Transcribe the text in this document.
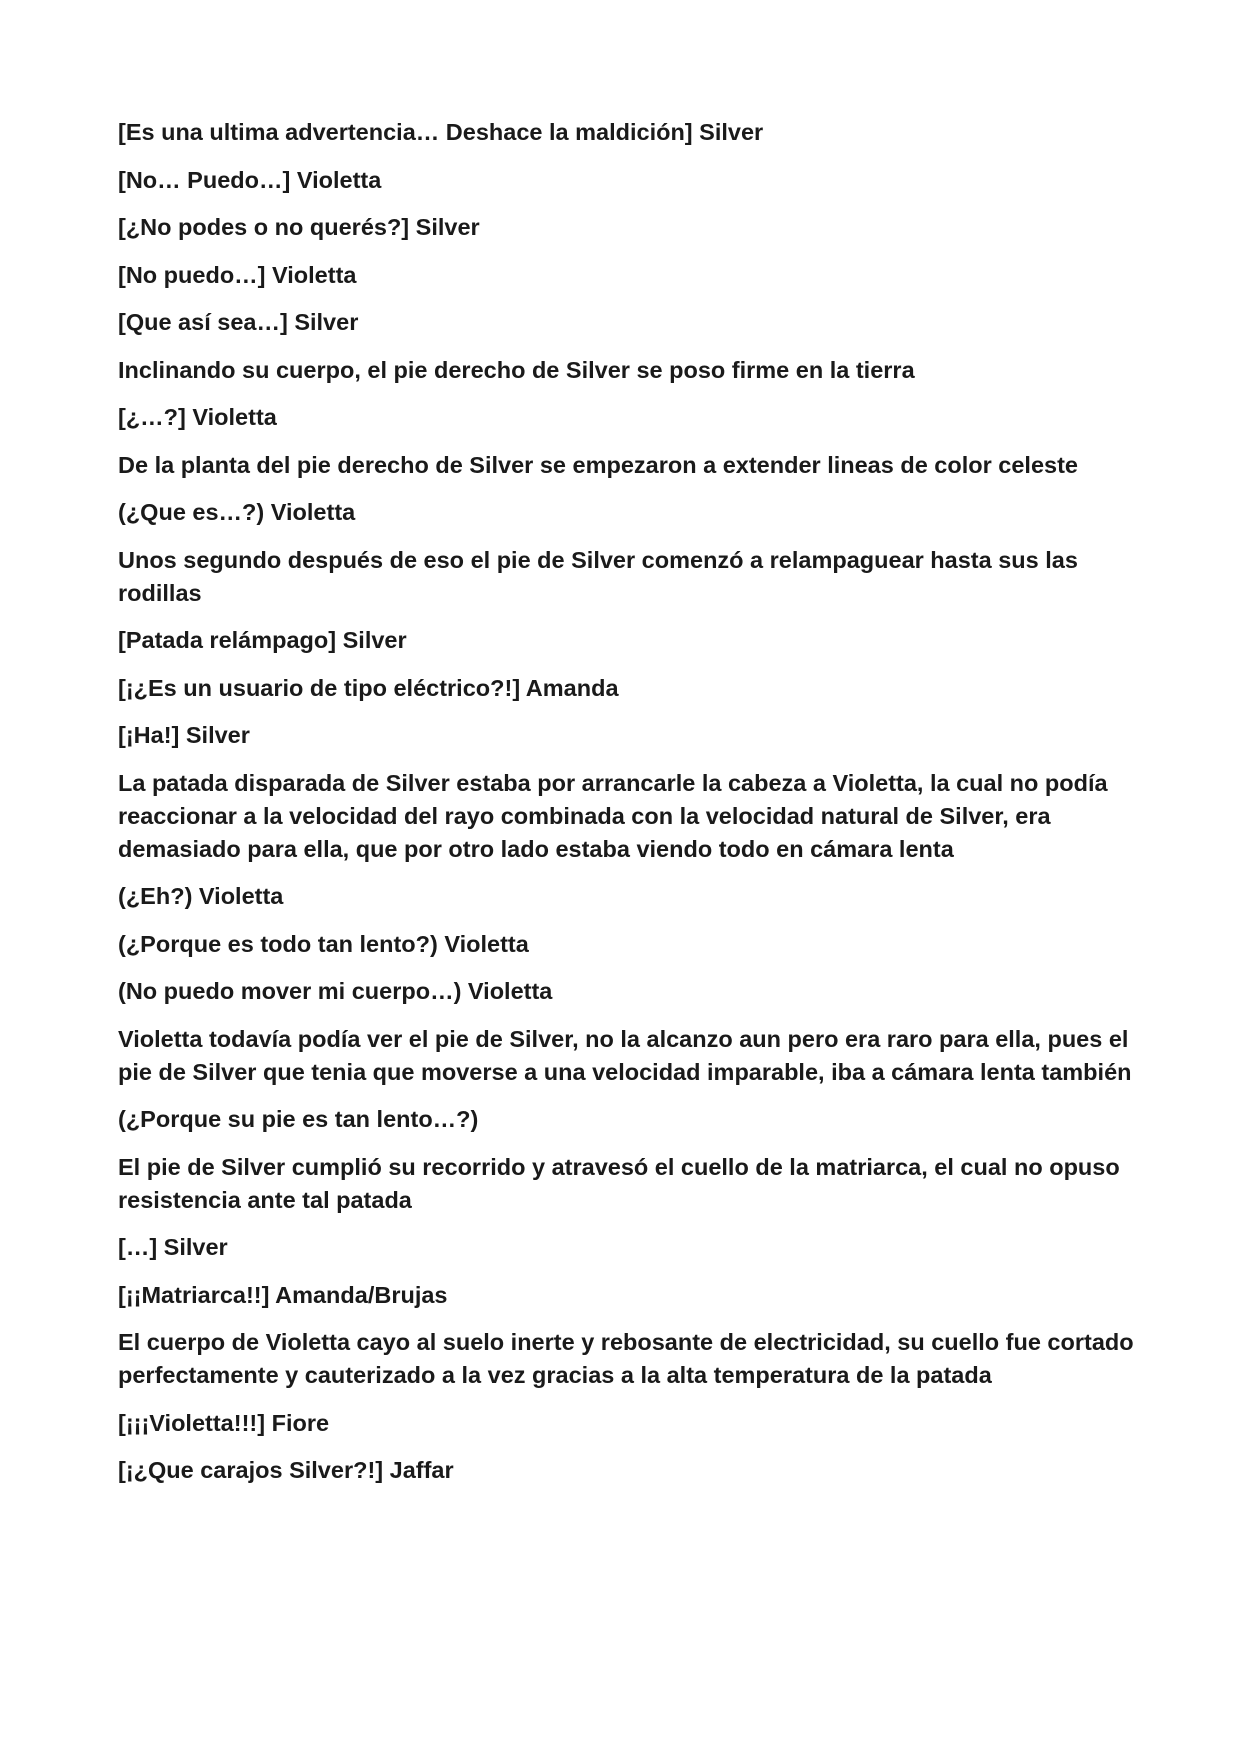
[Es una ultima advertencia… Deshace la maldición] Silver

[No… Puedo…] Violetta

[¿No podes o no querés?] Silver

[No puedo…] Violetta

[Que así sea…] Silver

Inclinando su cuerpo, el pie derecho de Silver se poso firme en la tierra

[¿…?] Violetta

De la planta del pie derecho de Silver se empezaron a extender lineas de color celeste

(¿Que es…?) Violetta

Unos segundo después de eso el pie de Silver comenzó a relampaguear hasta sus las rodillas

[Patada relámpago] Silver

[¡¿Es un usuario de tipo eléctrico?!] Amanda

[¡Ha!] Silver

La patada disparada de Silver estaba por arrancarle la cabeza a Violetta, la cual no podía reaccionar a la velocidad del rayo combinada con la velocidad natural de Silver, era demasiado para ella, que por otro lado estaba viendo todo en cámara lenta

(¿Eh?) Violetta

(¿Porque es todo tan lento?) Violetta

(No puedo mover mi cuerpo…) Violetta

Violetta todavía podía ver el pie de Silver, no la alcanzo aun pero era raro para ella, pues el pie de Silver que tenia que moverse a una velocidad imparable, iba a cámara lenta también

(¿Porque su pie es tan lento…?)

El pie de Silver cumplió su recorrido y atravesó el cuello de la matriarca, el cual no opuso resistencia ante tal patada

[…] Silver

[¡¡Matriarca!!] Amanda/Brujas

El cuerpo de Violetta cayo al suelo inerte y rebosante de electricidad, su cuello fue cortado perfectamente y cauterizado a la vez gracias a la alta temperatura de la patada

[¡¡¡Violetta!!!] Fiore

[¡¿Que carajos Silver?!] Jaffar
